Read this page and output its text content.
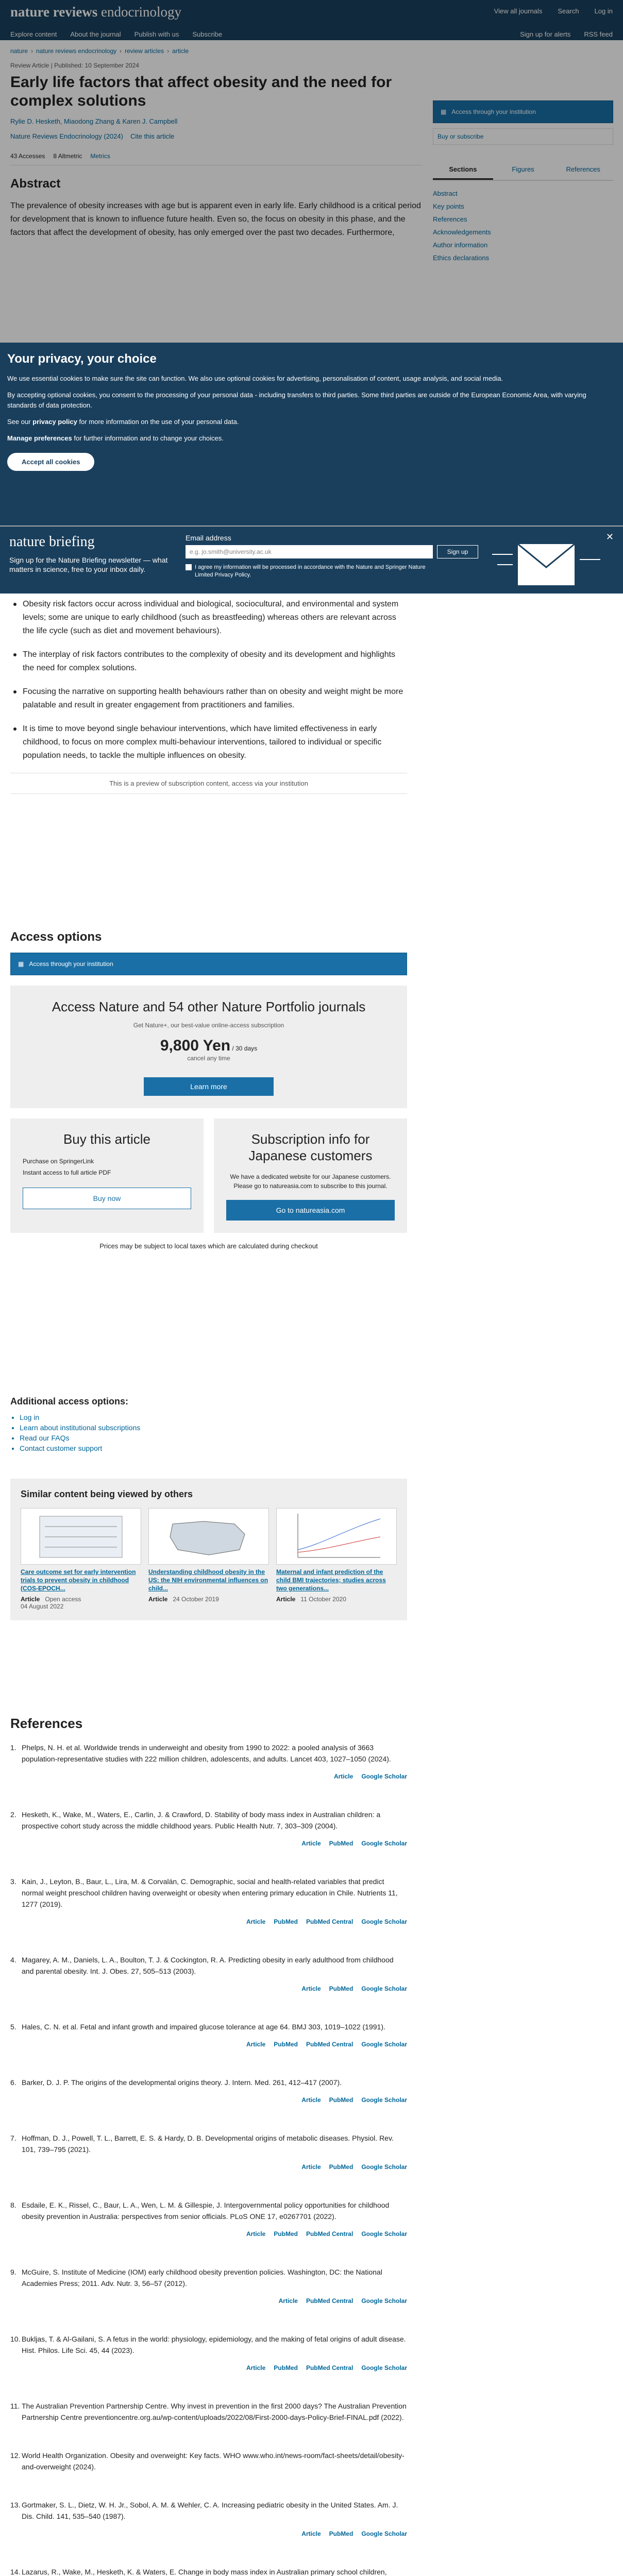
nature reviews endocrinology	View all journals Search Log in
Explore content About the journal Publish with us Subscribe	Sign up for alerts RSS feed
nature › nature reviews endocrinology › review articles › article
Review Article | Published: 10 September 2024
Early life factors that affect obesity and the need for complex solutions
Rylie D. Hesketh, Miaodong Zhang & Karen J. Campbell
Nature Reviews Endocrinology (2024) Cite this article
43 Accesses 8 Altmetric Metrics
Abstract

The prevalence of obesity increases with age but is apparent even in early life. Early childhood is a critical period for development that is known to influence future health. Even so, the focus on obesity in this phase, and the factors that affect the development of obesity, has only emerged over the past two decades. Furthermore,

▦ Access through your institution
Buy or subscribe
Sections	Figures	References
Abstract
Key points
References
Acknowledgements
Author information
Ethics declarations
Your privacy, your choice

We use essential cookies to make sure the site can function. We also use optional cookies for advertising, personalisation of content, usage analysis, and social media.

By accepting optional cookies, you consent to the processing of your personal data - including transfers to third parties. Some third parties are outside of the European Economic Area, with varying standards of data protection.

See our privacy policy for more information on the use of your personal data.

Manage preferences for further information and to change your choices.

Accept all cookies
nature briefing
Sign up for the Nature Briefing newsletter — what matters in science, free to your inbox daily.
Email address
e.g. jo.smith@university.ac.uk	Sign up
I agree my information will be processed in accordance with the Nature and Springer Nature Limited Privacy Policy.
✕
Obesity risk factors occur across individual and biological, sociocultural, and environmental and system levels; some are unique to early childhood (such as breastfeeding) whereas others are relevant across the life cycle (such as diet and movement behaviours).
The interplay of risk factors contributes to the complexity of obesity and its development and highlights the need for complex solutions.
Focusing the narrative on supporting health behaviours rather than on obesity and weight might be more palatable and result in greater engagement from practitioners and families.
It is time to move beyond single behaviour interventions, which have limited effectiveness in early childhood, to focus on more complex multi-behaviour interventions, tailored to individual or specific population needs, to tackle the multiple influences on obesity.
This is a preview of subscription content, access via your institution
Access options
▦ Access through your institution
Access Nature and 54 other Nature Portfolio journals
Get Nature+, our best-value online-access subscription
9,800 Yen / 30 days
cancel any time
Learn more
Buy this article
Purchase on SpringerLink
Instant access to full article PDF
Buy now
Subscription info for Japanese customers

We have a dedicated website for our Japanese customers. Please go to natureasia.com to subscribe to this journal.

Go to natureasia.com
Prices may be subject to local taxes which are calculated during checkout
Additional access options:
• Log in
• Learn about institutional subscriptions
• Read our FAQs
• Contact customer support
Similar content being viewed by others
Care outcome set for early intervention trials to prevent obesity in childhood (COS-EPOCH...
Article Open access
04 August 2022
Understanding childhood obesity in the US: the NIH environmental influences on child...
Article 24 October 2019
Maternal and infant prediction of the child BMI trajectories; studies across two generations...
Article 11 October 2020
References
1. Phelps, N. H. et al. Worldwide trends in underweight and obesity from 1990 to 2022: a pooled analysis of 3663 population-representative studies with 222 million children, adolescents, and adults. Lancet 403, 1027–1050 (2024).
Article Google Scholar
2. Hesketh, K., Wake, M., Waters, E., Carlin, J. & Crawford, D. Stability of body mass index in Australian children: a prospective cohort study across the middle childhood years. Public Health Nutr. 7, 303–309 (2004).
Article PubMed Google Scholar
3. Kain, J., Leyton, B., Baur, L., Lira, M. & Corvalán, C. Demographic, social and health-related variables that predict normal weight preschool children having overweight or obesity when entering primary education in Chile. Nutrients 11, 1277 (2019).
Article PubMed PubMed Central Google Scholar
4. Magarey, A. M., Daniels, L. A., Boulton, T. J. & Cockington, R. A. Predicting obesity in early adulthood from childhood and parental obesity. Int. J. Obes. 27, 505–513 (2003).
Article PubMed Google Scholar
5. Hales, C. N. et al. Fetal and infant growth and impaired glucose tolerance at age 64. BMJ 303, 1019–1022 (1991).
Article PubMed PubMed Central Google Scholar
6. Barker, D. J. P. The origins of the developmental origins theory. J. Intern. Med. 261, 412–417 (2007).
Article PubMed Google Scholar
7. Hoffman, D. J., Powell, T. L., Barrett, E. S. & Hardy, D. B. Developmental origins of metabolic diseases. Physiol. Rev. 101, 739–795 (2021).
Article PubMed Google Scholar
8. Esdaile, E. K., Rissel, C., Baur, L. A., Wen, L. M. & Gillespie, J. Intergovernmental policy opportunities for childhood obesity prevention in Australia: perspectives from senior officials. PLoS ONE 17, e0267701 (2022).
Article PubMed PubMed Central Google Scholar
9. McGuire, S. Institute of Medicine (IOM) early childhood obesity prevention policies. Washington, DC: the National Academies Press; 2011. Adv. Nutr. 3, 56–57 (2012).
Article PubMed Central Google Scholar
10. Bukljas, T. & Al-Gailani, S. A fetus in the world: physiology, epidemiology, and the making of fetal origins of adult disease. Hist. Philos. Life Sci. 45, 44 (2023).
Article PubMed PubMed Central Google Scholar
11. The Australian Prevention Partnership Centre. Why invest in prevention in the first 2000 days? The Australian Prevention Partnership Centre preventioncentre.org.au/wp-content/uploads/2022/08/First-2000-days-Policy-Brief-FINAL.pdf (2022).
12. World Health Organization. Obesity and overweight: Key facts. WHO www.who.int/news-room/fact-sheets/detail/obesity-and-overweight (2024).
13. Gortmaker, S. L., Dietz, W. H. Jr., Sobol, A. M. & Wehler, C. A. Increasing pediatric obesity in the United States. Am. J. Dis. Child. 141, 535–540 (1987).
Article PubMed Google Scholar
14. Lazarus, R., Wake, M., Hesketh, K. & Waters, E. Change in body mass index in Australian primary school children,
